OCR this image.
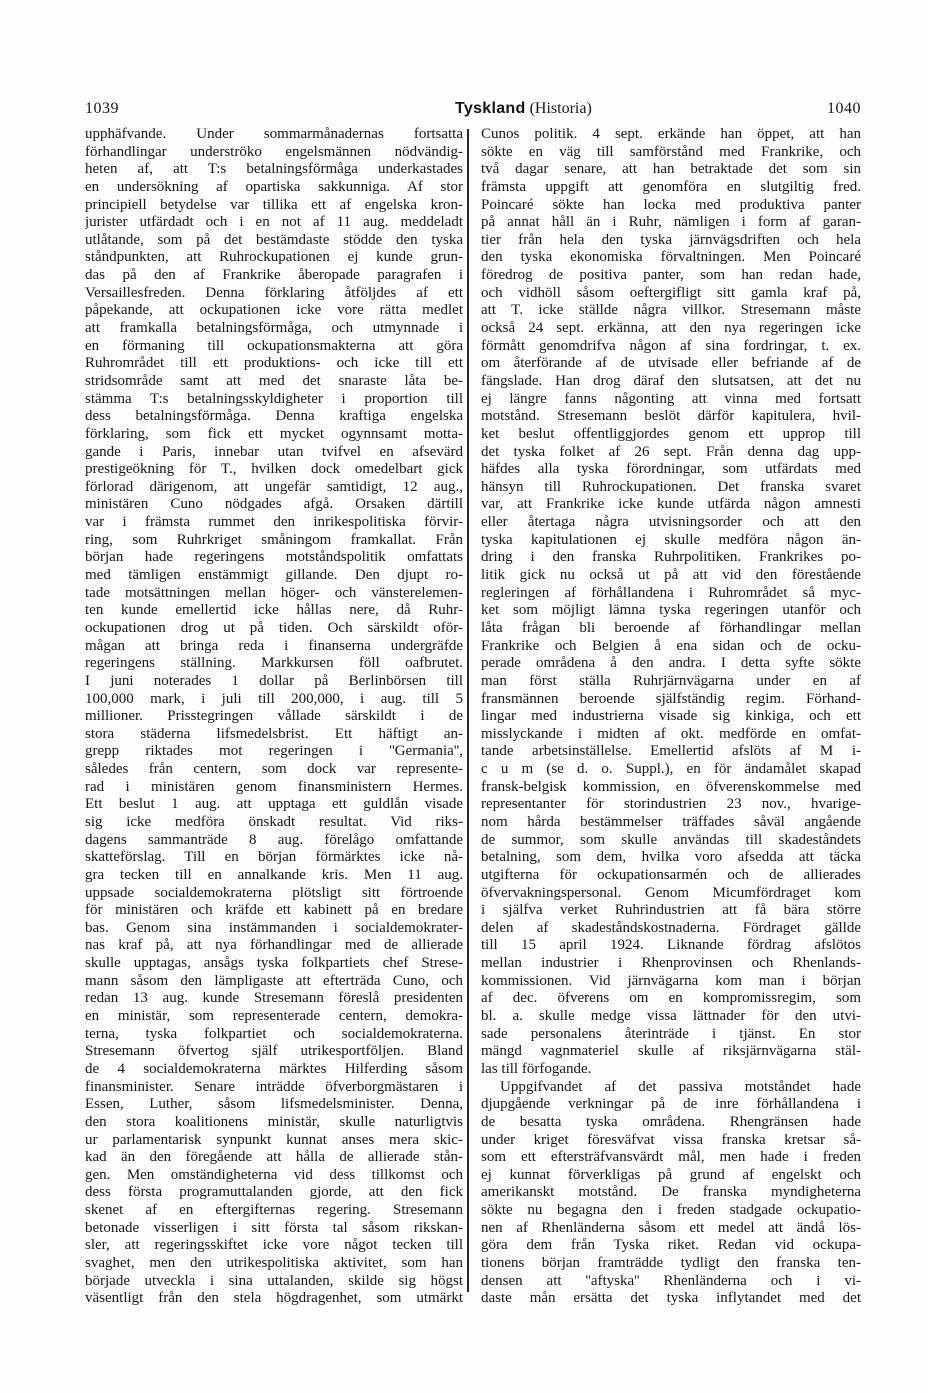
1039	Tyskland (Historia)	1040
upphäfvande. Under sommarmånadernas fortsatta
förhandlingar underströko engelsmännen nödvändig-
heten af, att T:s betalningsförmåga underkastades
en undersökning af opartiska sakkunniga. Af stor
principiell betydelse var tillika ett af engelska kron-
jurister utfärdadt och i en not af 11 aug. meddeladt
utlåtande, som på det bestämdaste stödde den tyska
ståndpunkten, att Ruhrockupationen ej kunde grun-
das på den af Frankrike åberopade paragrafen i
Versaillesfreden. Denna förklaring åtföljdes af ett
påpekande, att ockupationen icke vore rätta medlet
att framkalla betalningsförmåga, och utmynnade i
en förmaning till ockupationsmakterna att göra
Ruhrområdet till ett produktions- och icke till ett
stridsområde samt att med det snaraste låta be-
stämma T:s betalningsskyldigheter i proportion till
dess betalningsförmåga. Denna kraftiga engelska
förklaring, som fick ett mycket ogynnsamt motta-
gande i Paris, innebar utan tvifvel en afsevärd
prestigeökning för T., hvilken dock omedelbart gick
förlorad därigenom, att ungefär samtidigt, 12 aug.,
ministären Cuno nödgades afgå. Orsaken därtill
var i främsta rummet den inrikespolitiska förvir-
ring, som Ruhrkriget småningom framkallat. Från
början hade regeringens motståndspolitik omfattats
med tämligen enstämmigt gillande. Den djupt ro-
tade motsättningen mellan höger- och vänsterelemen-
ten kunde emellertid icke hållas nere, då Ruhr-
ockupationen drog ut på tiden. Och särskildt oför-
mågan att bringa reda i finanserna undergräfde
regeringens ställning. Markkursen föll oafbrutet.
I juni noterades 1 dollar på Berlinbörsen till
100,000 mark, i juli till 200,000, i aug. till 5
millioner. Prisstegringen vållade särskildt i de
stora städerna lifsmedelsbrist. Ett häftigt an-
grepp riktades mot regeringen i ''Germania'',
således från centern, som dock var represente-
rad i ministären genom finansministern Hermes.
Ett beslut 1 aug. att upptaga ett guldlån visade
sig icke medföra önskadt resultat. Vid riks-
dagens sammanträde 8 aug. förelågo omfattande
skatteförslag. Till en början förmärktes icke nå-
gra tecken till en annalkande kris. Men 11 aug.
uppsade socialdemokraterna plötsligt sitt förtroende
för ministären och kräfde ett kabinett på en bredare
bas. Genom sina instämmanden i socialdemokrater-
nas kraf på, att nya förhandlingar med de allierade
skulle upptagas, ansågs tyska folkpartiets chef Strese-
mann såsom den lämpligaste att efterträda Cuno, och
redan 13 aug. kunde Stresemann föreslå presidenten
en ministär, som representerade centern, demokra-
terna, tyska folkpartiet och socialdemokraterna.
Stresemann öfvertog själf utrikesportföljen. Bland
de 4 socialdemokraterna märktes Hilferding såsom
finansminister. Senare inträdde öfverborgmästaren i
Essen, Luther, såsom lifsmedelsminister. Denna,
den stora koalitionens ministär, skulle naturligtvis
ur parlamentarisk synpunkt kunnat anses mera skic-
kad än den föregående att hålla de allierade stån-
gen. Men omständigheterna vid dess tillkomst och
dess första programuttalanden gjorde, att den fick
skenet af en eftergifternas regering. Stresemann
betonade visserligen i sitt första tal såsom rikskan-
sler, att regeringsskiftet icke vore något tecken till
svaghet, men den utrikespolitiska aktivitet, som han
började utveckla i sina uttalanden, skilde sig högst
väsentligt från den stela högdragenhet, som utmärkt
Cunos politik. 4 sept. erkände han öppet, att han
sökte en väg till samförstånd med Frankrike, och
två dagar senare, att han betraktade det som sin
främsta uppgift att genomföra en slutgiltig fred.
Poincaré sökte han locka med produktiva panter
på annat håll än i Ruhr, nämligen i form af garan-
tier från hela den tyska järnvägsdriften och hela
den tyska ekonomiska förvaltningen. Men Poincaré
föredrog de positiva panter, som han redan hade,
och vidhöll såsom oeftergifligt sitt gamla kraf på,
att T. icke ställde några villkor. Stresemann måste
också 24 sept. erkänna, att den nya regeringen icke
förmått genomdrifva någon af sina fordringar, t. ex.
om återförande af de utvisade eller befriande af de
fängslade. Han drog däraf den slutsatsen, att det nu
ej längre fanns någonting att vinna med fortsatt
motstånd. Stresemann beslöt därför kapitulera, hvil-
ket beslut offentliggjordes genom ett upprop till
det tyska folket af 26 sept. Från denna dag upp-
häfdes alla tyska förordningar, som utfärdats med
hänsyn till Ruhrockupationen. Det franska svaret
var, att Frankrike icke kunde utfärda någon amnesti
eller återtaga några utvisningsorder och att den
tyska kapitulationen ej skulle medföra någon än-
dring i den franska Ruhrpolitiken. Frankrikes po-
litik gick nu också ut på att vid den förestående
regleringen af förhållandena i Ruhrområdet så myc-
ket som möjligt lämna tyska regeringen utanför och
låta frågan bli beroende af förhandlingar mellan
Frankrike och Belgien å ena sidan och de ocku-
perade områdena å den andra. I detta syfte sökte
man först ställa Ruhrjärnvägarna under en af
fransmännen beroende själfständig regim. Förhand-
lingar med industrierna visade sig kinkiga, och ett
misslyckande i midten af okt. medförde en omfat-
tande arbetsinställelse. Emellertid afslöts af M i-
c u m (se d. o. Suppl.), en för ändamålet skapad
fransk-belgisk kommission, en öfverenskommelse med
representanter för storindustrien 23 nov., hvarige-
nom hårda bestämmelser träffades såväl angående
de summor, som skulle användas till skadeståndets
betalning, som dem, hvilka voro afsedda att täcka
utgifterna för ockupationsarmén och de allierades
öfvervakningspersonal. Genom Micumfördraget kom
i själfva verket Ruhrindustrien att få bära större
delen af skadeståndskostnaderna. Fördraget gällde
till 15 april 1924. Liknande fördrag afslötos
mellan industrier i Rhenprovinsen och Rhenlands-
kommissionen. Vid järnvägarna kom man i början
af dec. öfverens om en kompromissregim, som
bl. a. skulle medge vissa lättnader för den utvi-
sade personalens återinträde i tjänst. En stor
mängd vagnmateriel skulle af riksjärnvägarna stäl-
las till förfogande.
Uppgifvandet af det passiva motståndet hade
djupgående verkningar på de inre förhållandena i
de besatta tyska områdena. Rhengränsen hade
under kriget föresväfvat vissa franska kretsar så-
som ett eftersträfvansvärdt mål, men hade i freden
ej kunnat förverkligas på grund af engelskt och
amerikanskt motstånd. De franska myndigheterna
sökte nu begagna den i freden stadgade ockupatio-
nen af Rhenländerna såsom ett medel att ändå lös-
göra dem från Tyska riket. Redan vid ockupa-
tionens början framträdde tydligt den franska ten-
densen att ''aftyska'' Rhenländerna och i vi-
daste mån ersätta det tyska inflytandet med det
